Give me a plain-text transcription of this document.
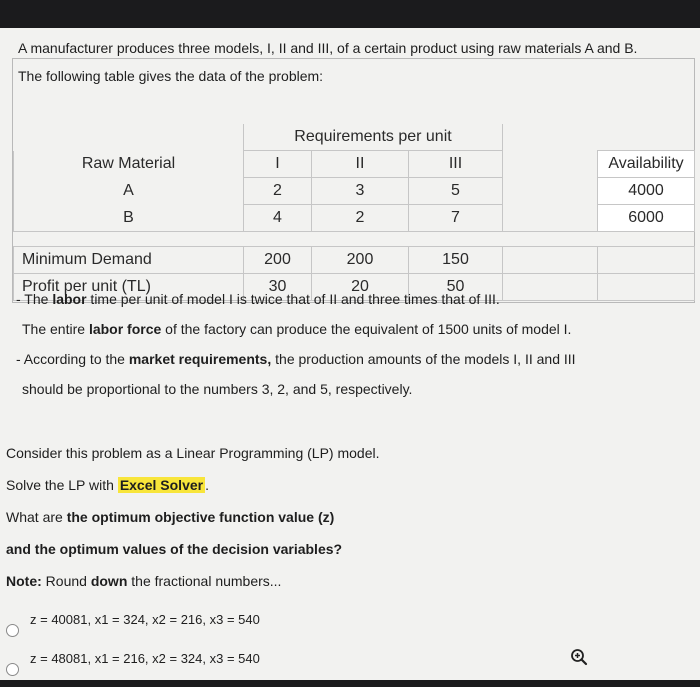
A manufacturer produces three models, I, II and III, of a certain product using raw materials A and B.
The following table gives the data of the problem:
	Requirements per unit				
Raw Material	I	II	III		Availability
A	2	3	5		4000
B	4	2	7		6000

Minimum Demand	200	200	150		
Profit per unit (TL)	30	20	50		
- The labor time per unit of model I is twice that of II and three times that of III.
The entire labor force of the factory can produce the equivalent of 1500 units of model I.
- According to the market requirements, the production amounts of the models I, II and III
should be proportional to the numbers 3, 2, and 5, respectively.
Consider this problem as a Linear Programming (LP) model.
Solve the LP with Excel Solver .
What are the optimum objective function value (z)
and the optimum values of the decision variables?
Note: Round down the fractional numbers...
z = 40081, x1 = 324, x2 = 216, x3 = 540
z = 48081, x1 = 216, x2 = 324, x3 = 540
